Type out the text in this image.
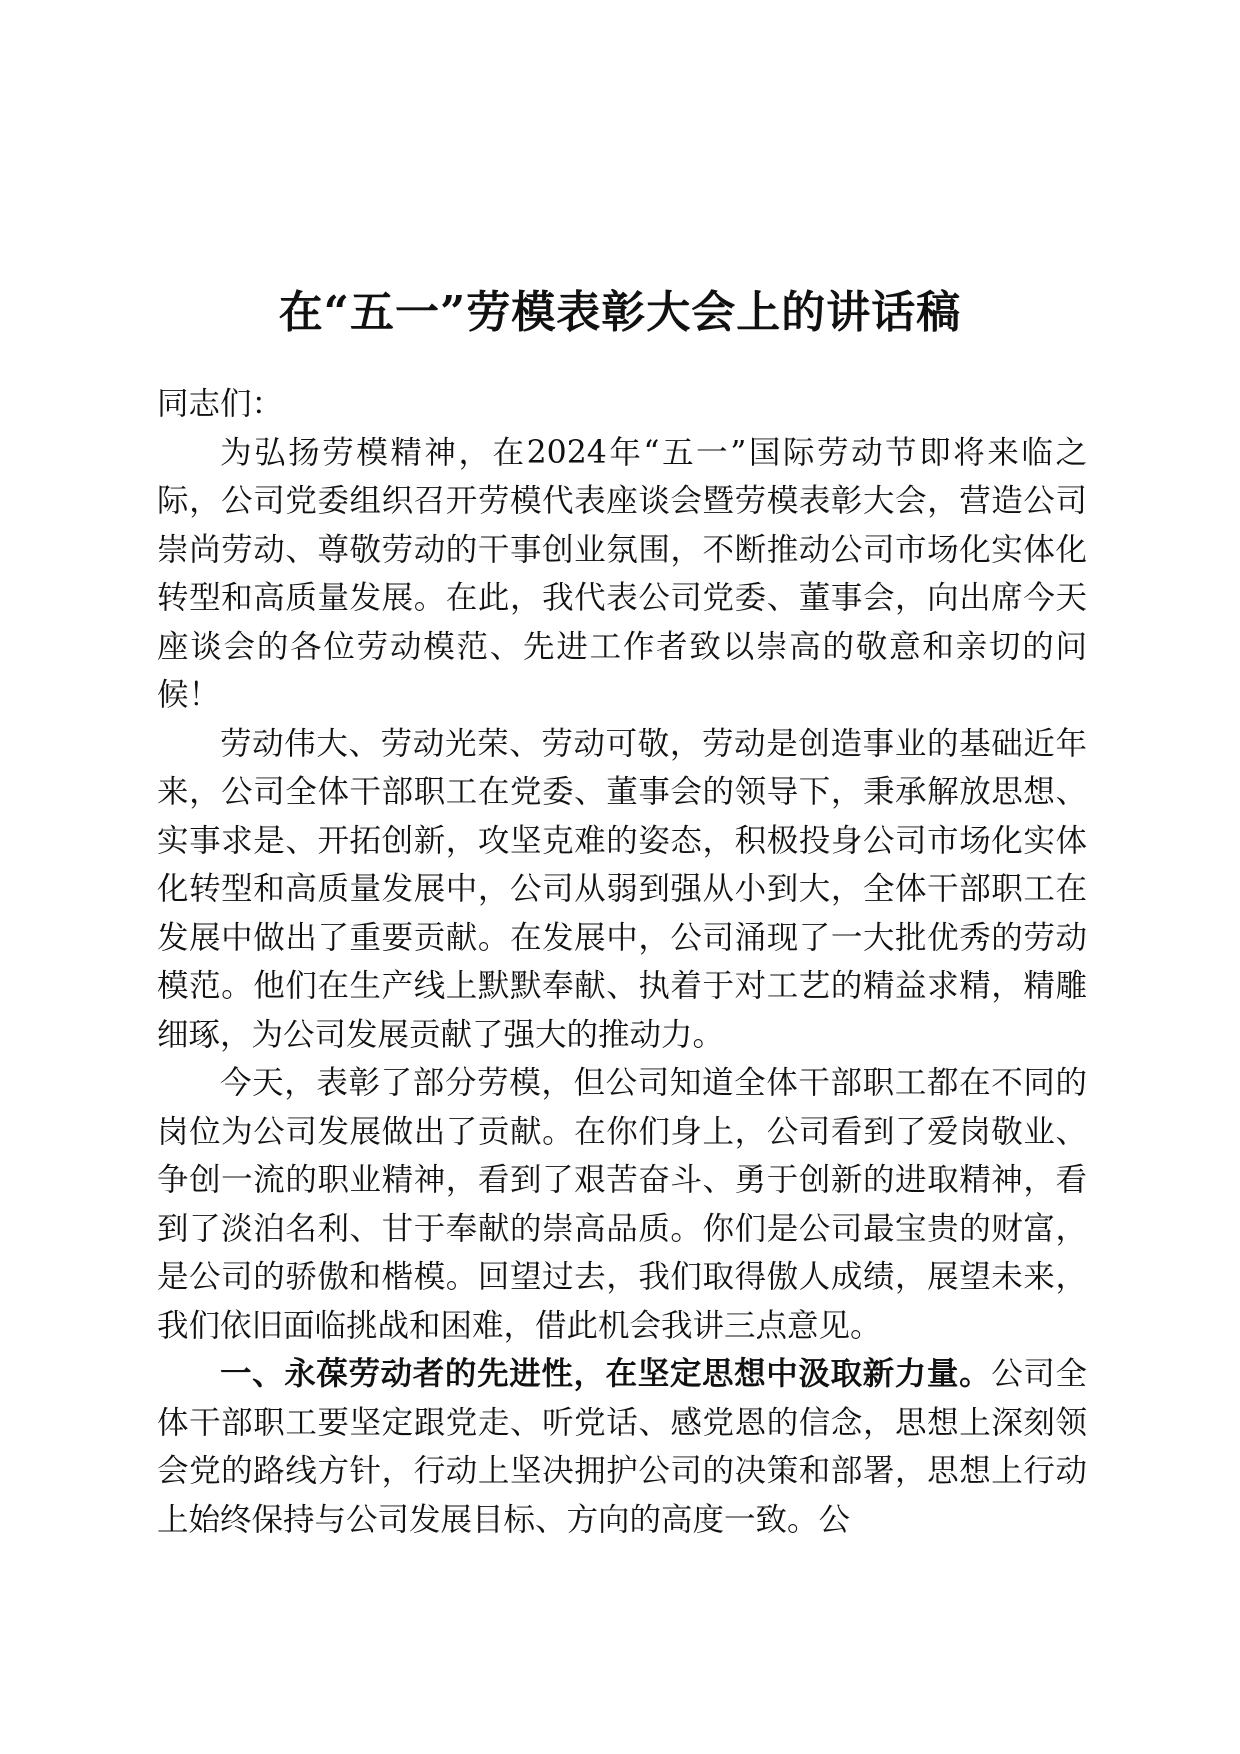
在“五一”劳模表彰大会上的讲话稿

同志们：

为弘扬劳模精神，在2024年“五一”国际劳动节即将来临之际，公司党委组织召开劳模代表座谈会暨劳模表彰大会，营造公司崇尚劳动、尊敬劳动的干事创业氛围，不断推动公司市场化实体化转型和高质量发展。在此，我代表公司党委、董事会，向出席今天座谈会的各位劳动模范、先进工作者致以崇高的敬意和亲切的问候！

劳动伟大、劳动光荣、劳动可敬，劳动是创造事业的基础近年来，公司全体干部职工在党委、董事会的领导下，秉承解放思想、实事求是、开拓创新，攻坚克难的姿态，积极投身公司市场化实体化转型和高质量发展中，公司从弱到强从小到大，全体干部职工在发展中做出了重要贡献。在发展中，公司涌现了一大批优秀的劳动模范。他们在生产线上默默奉献、执着于对工艺的精益求精，精雕细琢，为公司发展贡献了强大的推动力。

今天，表彰了部分劳模，但公司知道全体干部职工都在不同的岗位为公司发展做出了贡献。在你们身上，公司看到了爱岗敬业、争创一流的职业精神，看到了艰苦奋斗、勇于创新的进取精神，看到了淡泊名利、甘于奉献的崇高品质。你们是公司最宝贵的财富，是公司的骄傲和楷模。回望过去，我们取得傲人成绩，展望未来，我们依旧面临挑战和困难，借此机会我讲三点意见。

一、永葆劳动者的先进性，在坚定思想中汲取新力量。公司全体干部职工要坚定跟党走、听党话、感党恩的信念，思想上深刻领会党的路线方针，行动上坚决拥护公司的决策和部署，思想上行动上始终保持与公司发展目标、方向的高度一致。公
